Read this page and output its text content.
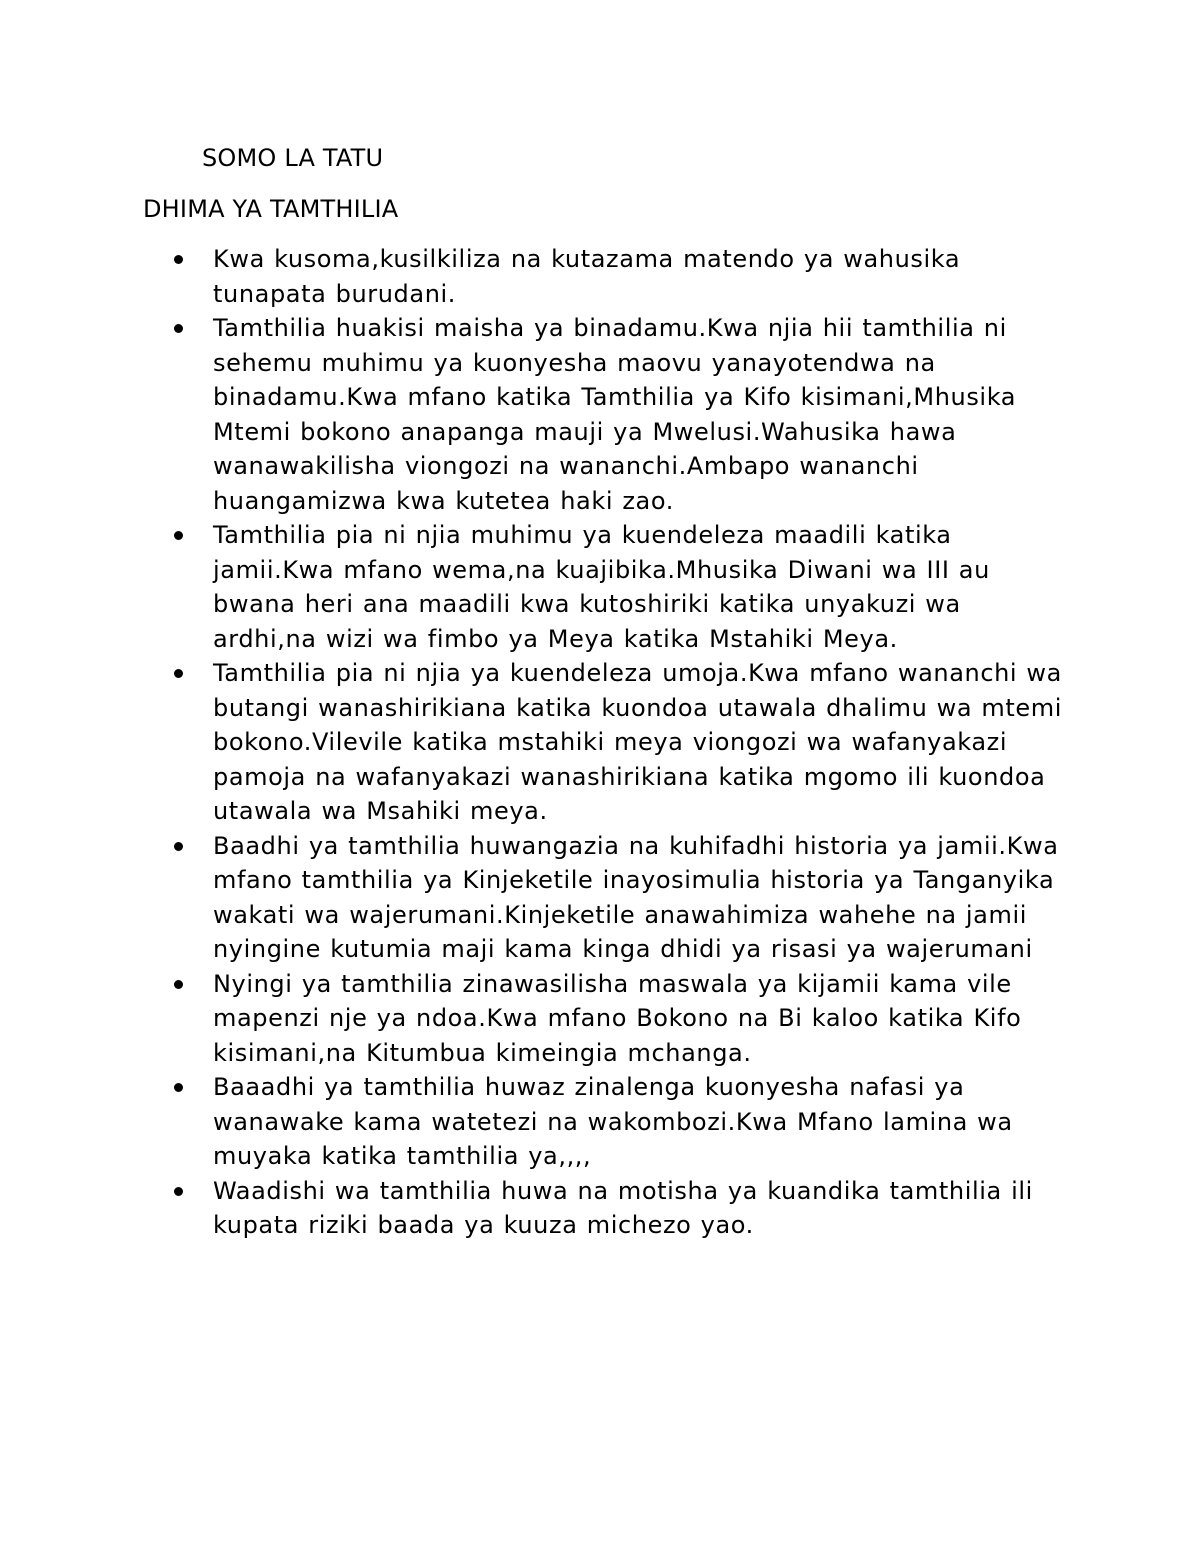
SOMO LA TATU
DHIMA YA TAMTHILIA
Kwa kusoma,kusilkiliza na kutazama matendo ya wahusika tunapata burudani.
Tamthilia huakisi maisha ya binadamu.Kwa njia hii tamthilia ni sehemu muhimu ya kuonyesha maovu yanayotendwa na binadamu.Kwa mfano katika Tamthilia ya Kifo kisimani,Mhusika Mtemi bokono anapanga mauji ya Mwelusi.Wahusika hawa wanawakilisha viongozi na wananchi.Ambapo wananchi huangamizwa kwa kutetea haki zao.
Tamthilia pia ni njia muhimu ya kuendeleza maadili katika jamii.Kwa mfano wema,na kuajibika.Mhusika Diwani wa III au bwana heri ana maadili kwa kutoshiriki katika unyakuzi wa ardhi,na wizi wa fimbo ya Meya katika Mstahiki Meya.
Tamthilia pia ni njia ya kuendeleza umoja.Kwa mfano wananchi wa butangi wanashirikiana katika kuondoa utawala dhalimu wa mtemi bokono.Vilevile katika mstahiki meya viongozi wa wafanyakazi pamoja na wafanyakazi wanashirikiana katika mgomo ili kuondoa utawala wa Msahiki meya.
Baadhi ya tamthilia huwangazia na kuhifadhi historia ya jamii.Kwa mfano tamthilia ya Kinjeketile inayosimulia historia ya Tanganyika wakati wa wajerumani.Kinjeketile anawahimiza wahehe na jamii nyingine kutumia maji kama kinga dhidi ya risasi ya wajerumani
Nyingi ya tamthilia zinawasilisha maswala ya kijamii kama vile mapenzi nje ya ndoa.Kwa mfano Bokono na Bi kaloo katika Kifo kisimani,na Kitumbua kimeingia mchanga.
Baaadhi ya tamthilia huwaz zinalenga kuonyesha nafasi ya wanawake kama watetezi na wakombozi.Kwa Mfano lamina wa muyaka katika tamthilia ya,,,,
Waadishi wa tamthilia huwa na motisha ya kuandika tamthilia ili kupata riziki baada ya kuuza michezo yao.
